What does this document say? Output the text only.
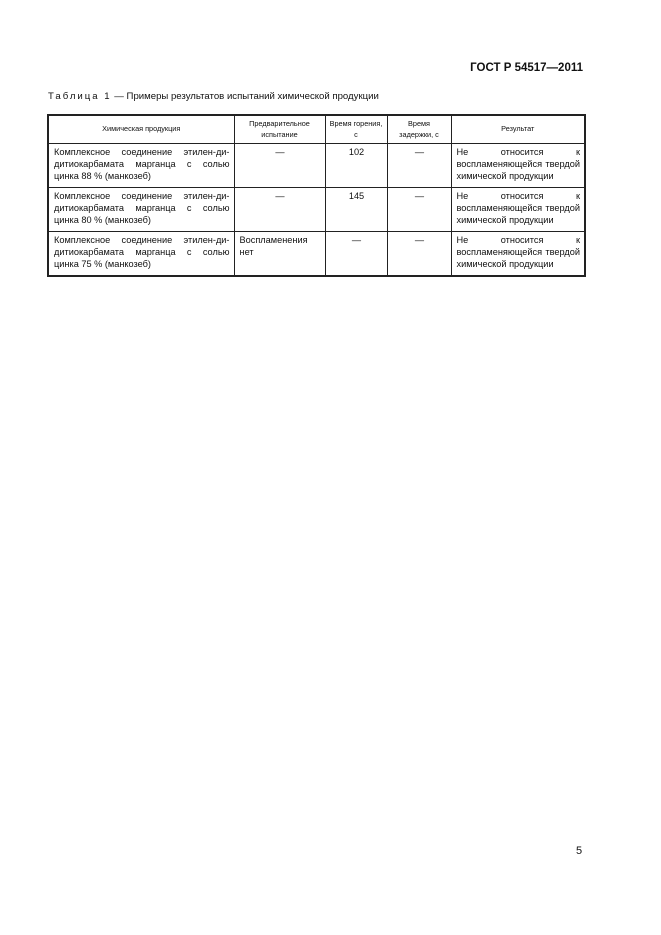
ГОСТ Р 54517—2011
Таблица 1 — Примеры результатов испытаний химической продукции
Химическая продукция	Предварительное испытание	Время горения, с	Время задержки, с	Результат
Комплексное соединение этилен-ди-дитиокарбамата марганца с солью цинка 88 % (манкозеб)	—	102	—	Не относится к воспламеняющейся твердой химической продукции
Комплексное соединение этилен-ди-дитиокарбамата марганца с солью цинка 80 % (манкозеб)	—	145	—	Не относится к воспламеняющейся твердой химической продукции
Комплексное соединение этилен-ди-дитиокарбамата марганца с солью цинка 75 % (манкозеб)	Воспламенения нет	—	—	Не относится к воспламеняющейся твердой химической продукции
5
